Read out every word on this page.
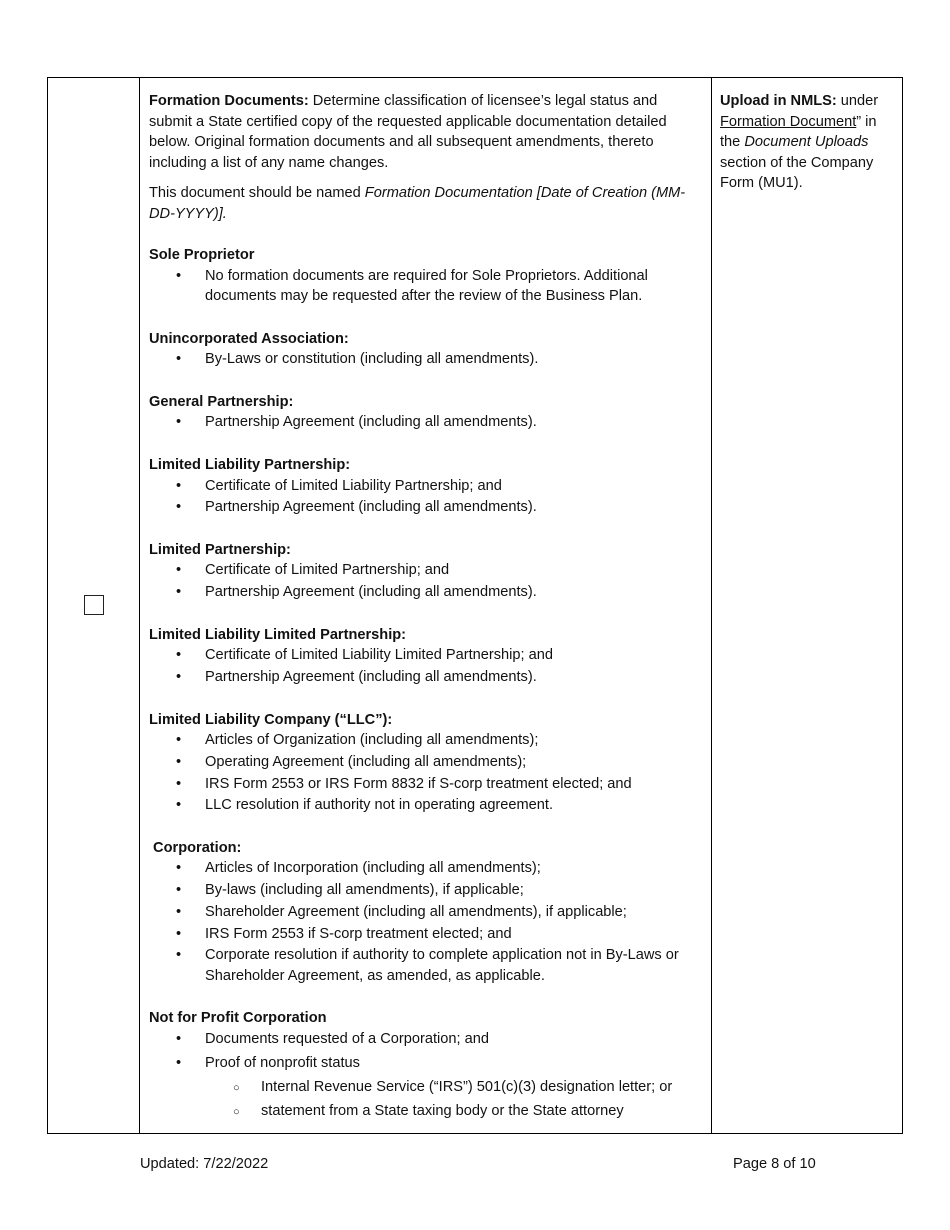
Formation Documents: Determine classification of licensee’s legal status and submit a State certified copy of the requested applicable documentation detailed below. Original formation documents and all subsequent amendments, thereto including a list of any name changes.

This document should be named Formation Documentation [Date of Creation (MM-DD-YYYY)].

Sole Proprietor

• No formation documents are required for Sole Proprietors. Additional documents may be requested after the review of the Business Plan.

Unincorporated Association:

• By-Laws or constitution (including all amendments).

General Partnership:

• Partnership Agreement (including all amendments).

Limited Liability Partnership:

• Certificate of Limited Liability Partnership; and
• Partnership Agreement (including all amendments).

Limited Partnership:

• Certificate of Limited Partnership; and
• Partnership Agreement (including all amendments).

Limited Liability Limited Partnership:

• Certificate of Limited Liability Limited Partnership; and
• Partnership Agreement (including all amendments).

Limited Liability Company (“LLC”):

• Articles of Organization (including all amendments);
• Operating Agreement (including all amendments);
• IRS Form 2553 or IRS Form 8832 if S-corp treatment elected; and
• LLC resolution if authority not in operating agreement.

Corporation:

• Articles of Incorporation (including all amendments);
• By-laws (including all amendments), if applicable;
• Shareholder Agreement (including all amendments), if applicable;
• IRS Form 2553 if S-corp treatment elected; and
• Corporate resolution if authority to complete application not in By-Laws or Shareholder Agreement, as amended, as applicable.

Not for Profit Corporation

• Documents requested of a Corporation; and
• Proof of nonprofit status
○ Internal Revenue Service (“IRS”) 501(c)(3) designation letter; or
○ statement from a State taxing body or the State attorney
Upload in NMLS: under Formation Document” in the Document Uploads section of the Company Form (MU1).
Updated: 7/22/2022	Page 8 of 10
